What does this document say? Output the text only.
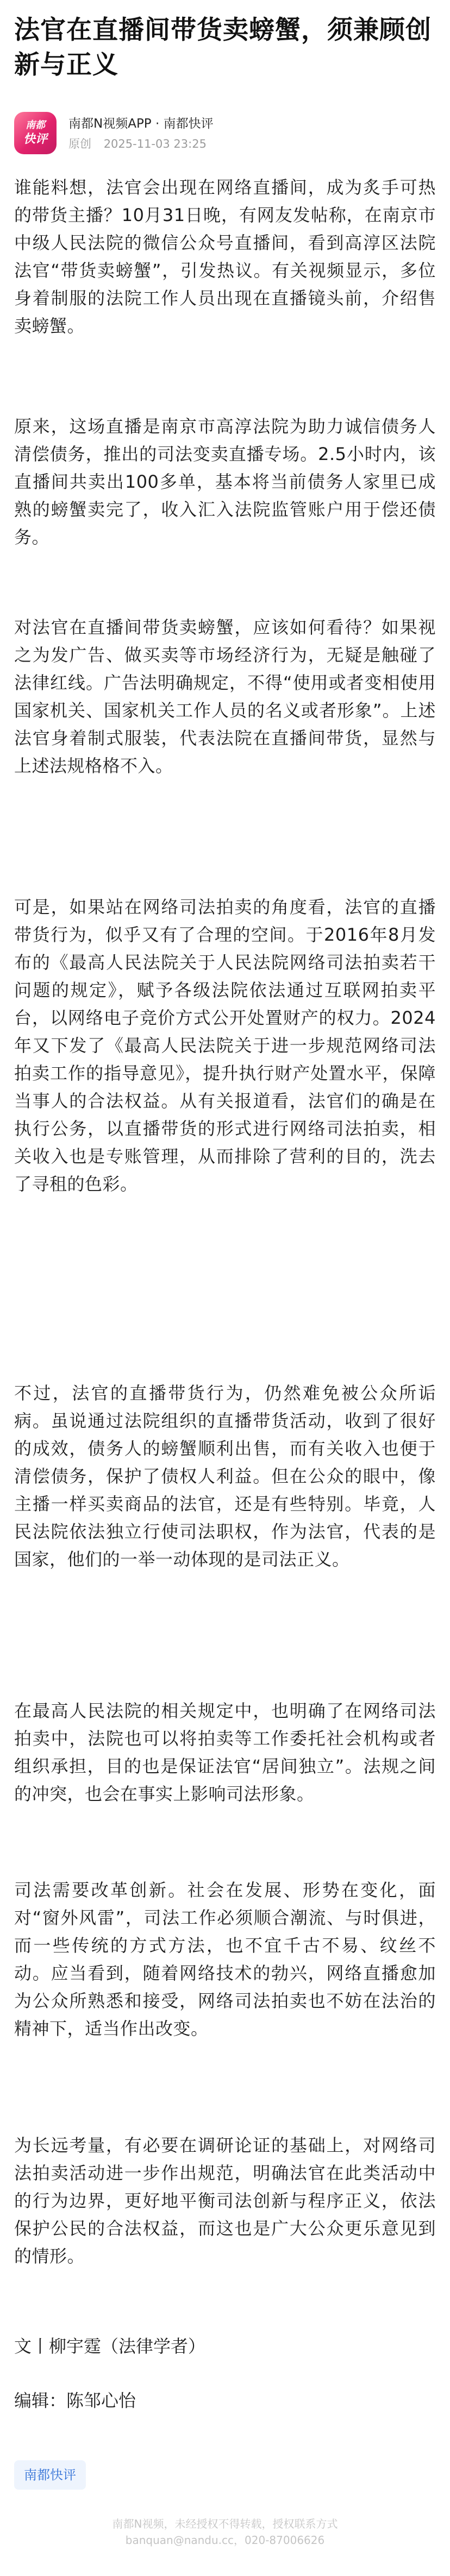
法官在直播间带货卖螃蟹，须兼顾创新与正义
南都
快评
南都N视频APP · 南都快评
原创 2025-11-03 23:25

谁能料想，法官会出现在网络直播间，成为炙手可热的带货主播？10月31日晚，有网友发帖称，在南京市中级人民法院的微信公众号直播间，看到高淳区法院法官“带货卖螃蟹”，引发热议。有关视频显示，多位身着制服的法院工作人员出现在直播镜头前，介绍售卖螃蟹。

原来，这场直播是南京市高淳法院为助力诚信债务人清偿债务，推出的司法变卖直播专场。2.5小时内，该直播间共卖出100多单，基本将当前债务人家里已成熟的螃蟹卖完了，收入汇入法院监管账户用于偿还债务。

对法官在直播间带货卖螃蟹，应该如何看待？如果视之为发广告、做买卖等市场经济行为，无疑是触碰了法律红线。广告法明确规定，不得“使用或者变相使用国家机关、国家机关工作人员的名义或者形象”。上述法官身着制式服装，代表法院在直播间带货，显然与上述法规格格不入。

可是，如果站在网络司法拍卖的角度看，法官的直播带货行为，似乎又有了合理的空间。于2016年8月发布的《最高人民法院关于人民法院网络司法拍卖若干问题的规定》，赋予各级法院依法通过互联网拍卖平台，以网络电子竞价方式公开处置财产的权力。2024年又下发了《最高人民法院关于进一步规范网络司法拍卖工作的指导意见》，提升执行财产处置水平，保障当事人的合法权益。从有关报道看，法官们的确是在执行公务，以直播带货的形式进行网络司法拍卖，相关收入也是专账管理，从而排除了营利的目的，洗去了寻租的色彩。

不过，法官的直播带货行为，仍然难免被公众所诟病。虽说通过法院组织的直播带货活动，收到了很好的成效，债务人的螃蟹顺利出售，而有关收入也便于清偿债务，保护了债权人利益。但在公众的眼中，像主播一样买卖商品的法官，还是有些特别。毕竟，人民法院依法独立行使司法职权，作为法官，代表的是国家，他们的一举一动体现的是司法正义。

在最高人民法院的相关规定中，也明确了在网络司法拍卖中，法院也可以将拍卖等工作委托社会机构或者组织承担，目的也是保证法官“居间独立”。法规之间的冲突，也会在事实上影响司法形象。

司法需要改革创新。社会在发展、形势在变化，面对“窗外风雷”，司法工作必须顺合潮流、与时俱进，而一些传统的方式方法，也不宜千古不易、纹丝不动。应当看到，随着网络技术的勃兴，网络直播愈加为公众所熟悉和接受，网络司法拍卖也不妨在法治的精神下，适当作出改变。

为长远考量，有必要在调研论证的基础上，对网络司法拍卖活动进一步作出规范，明确法官在此类活动中的行为边界，更好地平衡司法创新与程序正义，依法保护公民的合法权益，而这也是广大公众更乐意见到的情形。

文丨柳宇霆（法律学者）
编辑：陈邹心怡
南都快评
南都N视频，未经授权不得转载，授权联系方式
banquan@nandu.cc，020-87006626
